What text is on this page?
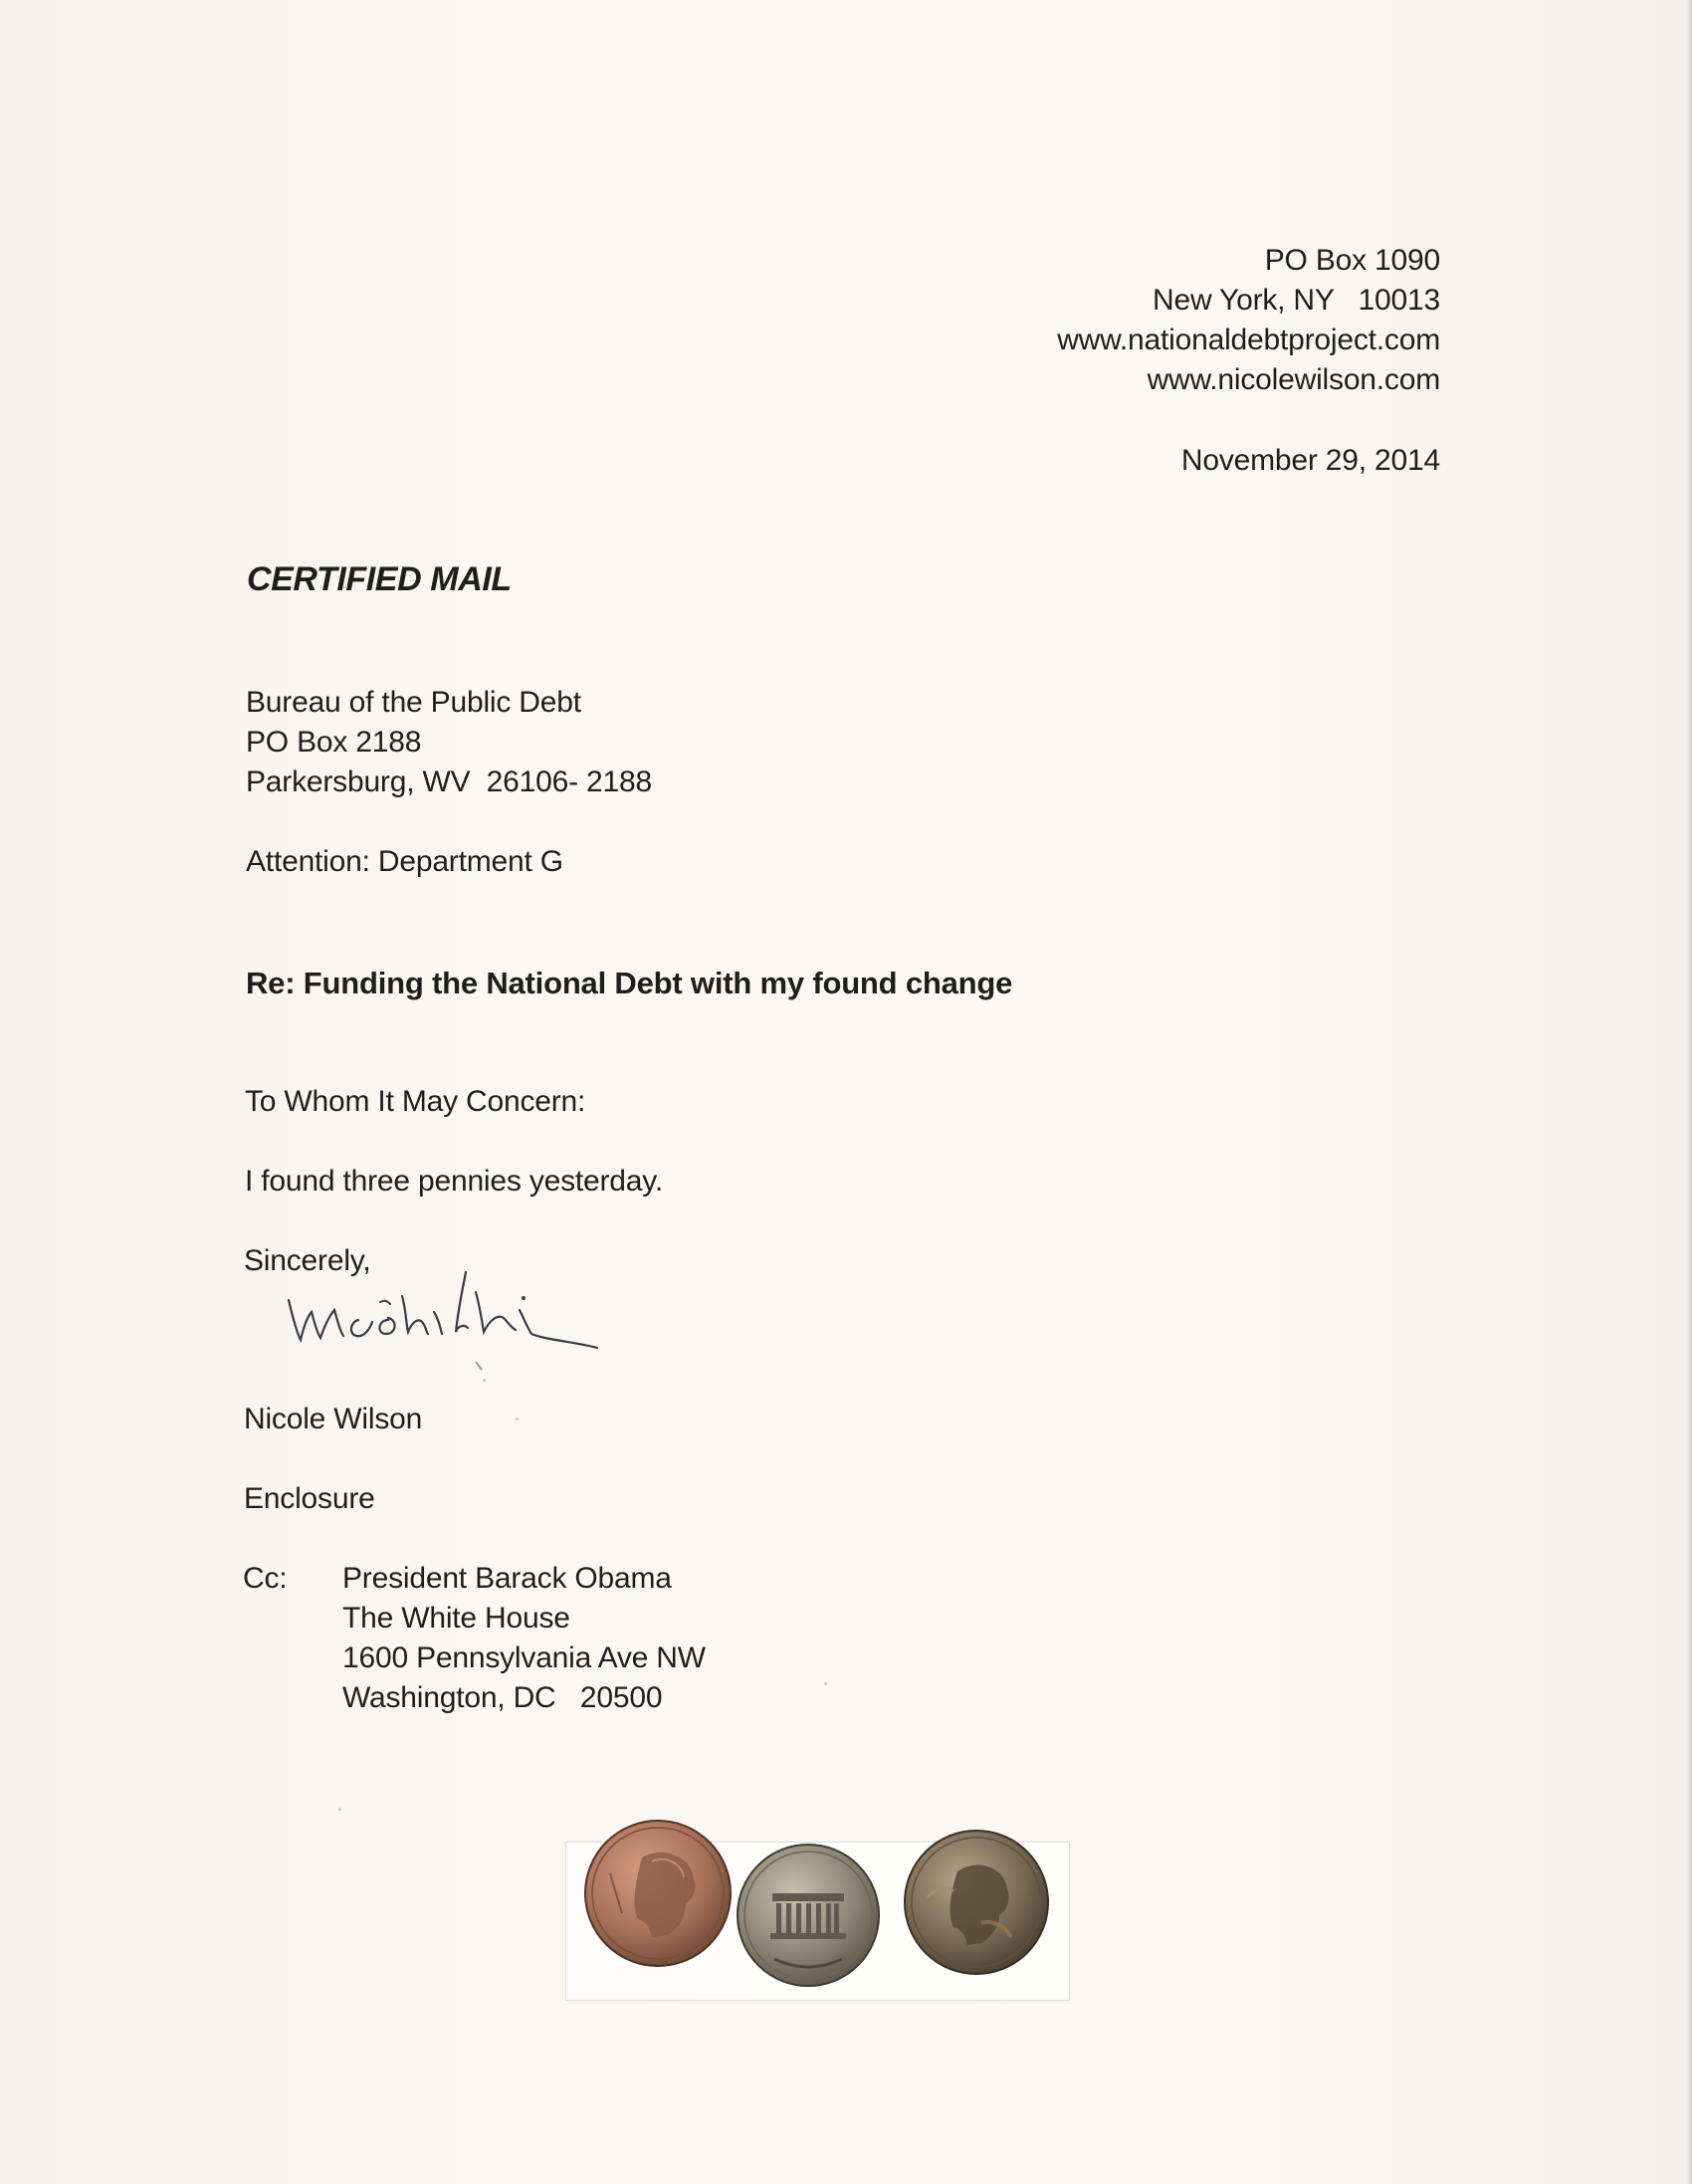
PO Box 1090
New York, NY   10013
www.nationaldebtproject.com
www.nicolewilson.com
November 29, 2014
CERTIFIED MAIL
Bureau of the Public Debt
PO Box 2188
Parkersburg, WV  26106- 2188
Attention: Department G
Re: Funding the National Debt with my found change
To Whom It May Concern:
I found three pennies yesterday.
Sincerely,
Nicole Wilson
Enclosure
Cc: President Barack Obama
The White House
1600 Pennsylvania Ave NW
Washington, DC   20500
